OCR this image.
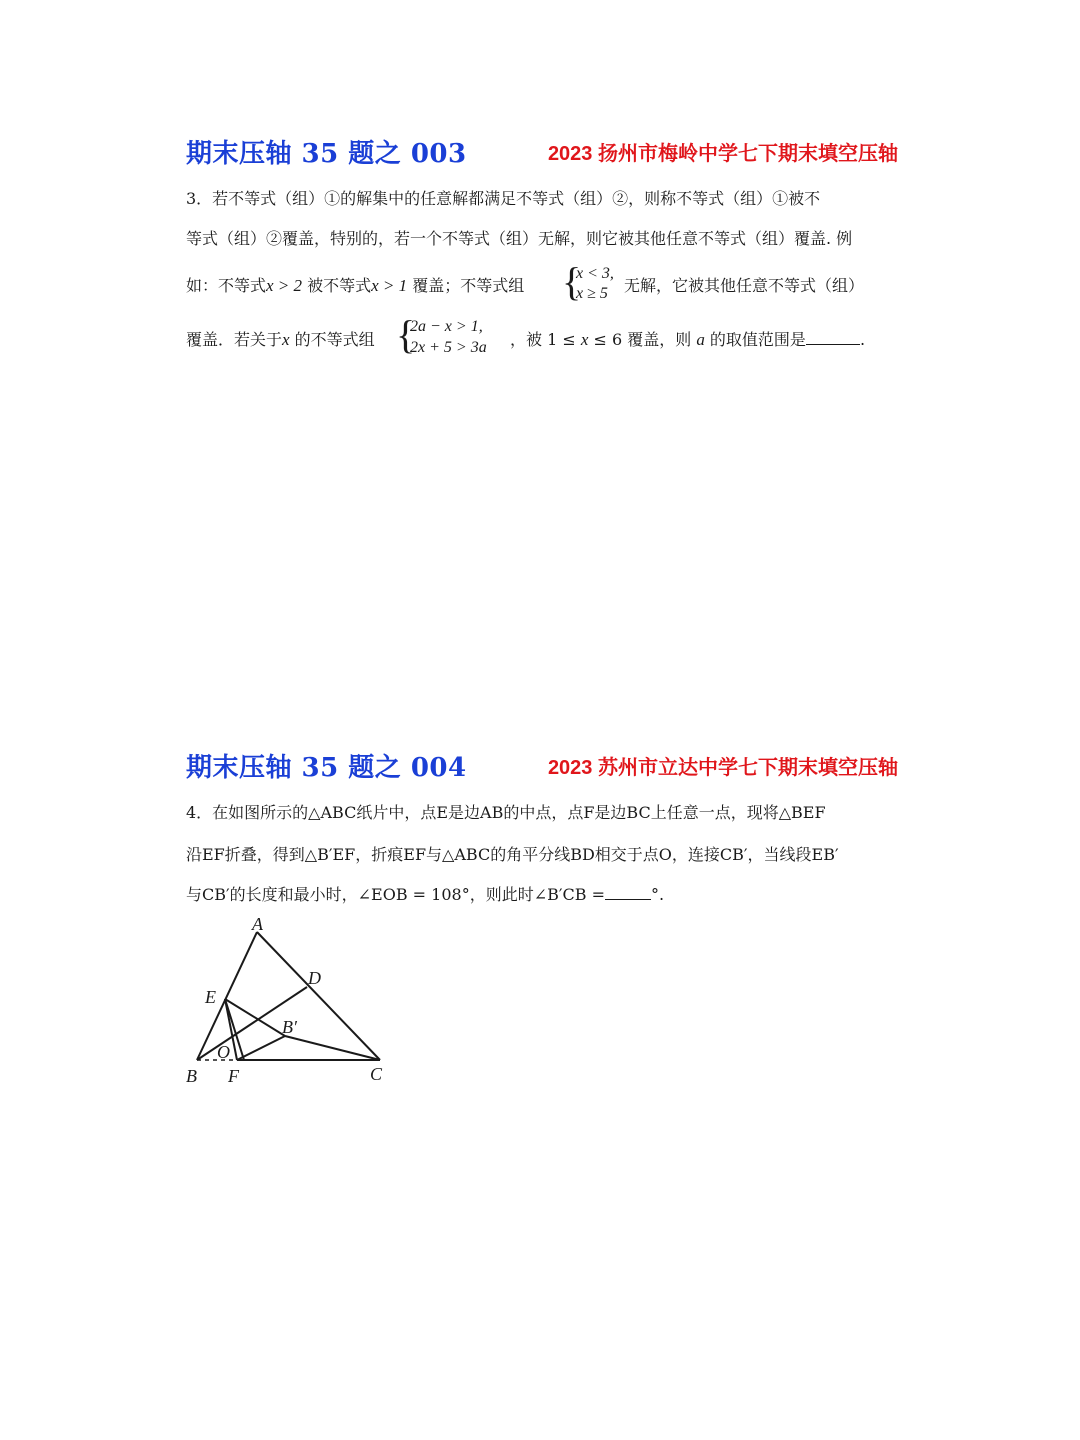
期末压轴 35 题之 003	2023 扬州市梅岭中学七下期末填空压轴
3．若不等式（组）①的解集中的任意解都满足不等式（组）②，则称不等式（组）①被不
等式（组）②覆盖，特别的，若一个不等式（组）无解，则它被其他任意不等式（组）覆盖. 例
如：不等式x > 2 被不等式x > 1 覆盖；不等式组 {
x < 3,
x ≥ 5 无解，它被其他任意不等式（组）
覆盖．若关于x 的不等式组 {
2a − x > 1,
2x + 5 > 3a ，被 1 ≤ x ≤ 6 覆盖，则 a 的取值范围是	.
期末压轴 35 题之 004	2023 苏州市立达中学七下期末填空压轴
4．在如图所示的△ABC纸片中，点E是边AB的中点，点F是边BC上任意一点，现将△BEF
沿EF折叠，得到△B′EF，折痕EF与△ABC的角平分线BD相交于点O，连接CB′，当线段EB′
与CB′的长度和最小时，∠EOB = 108°，则此时∠B′CB =	°.
A
D
E
B′
O
B F	C
